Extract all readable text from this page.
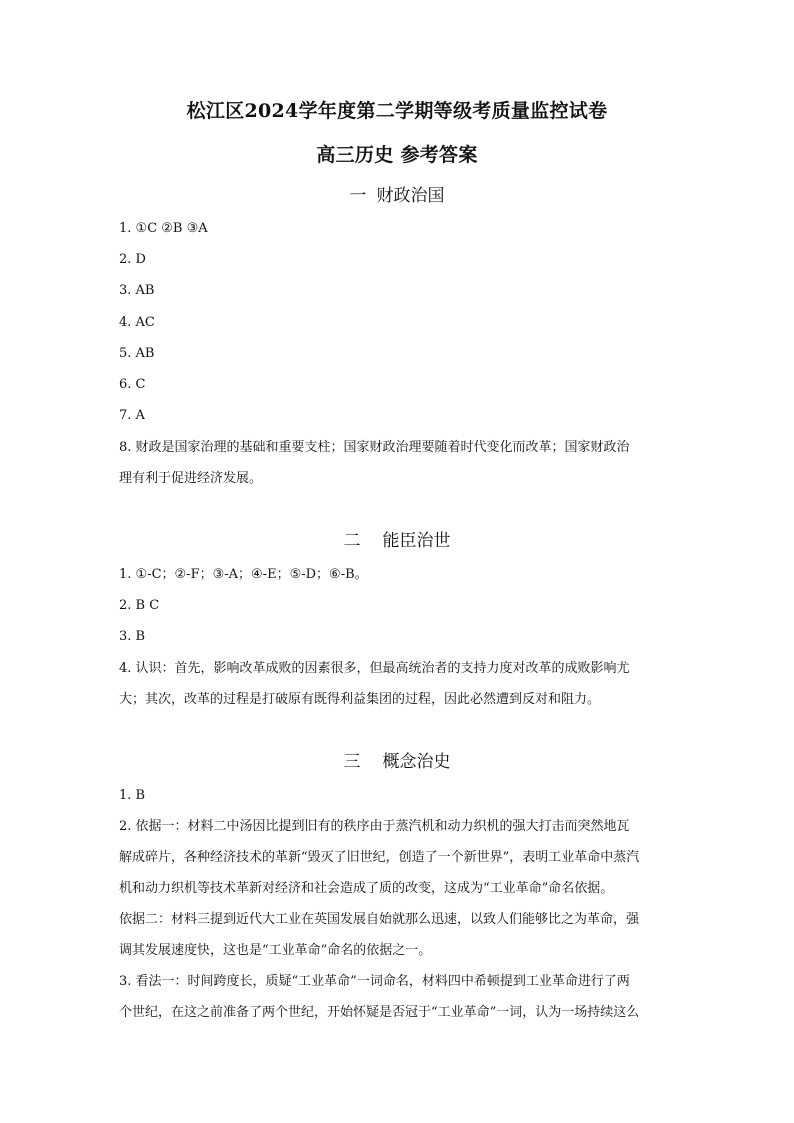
松江区2024学年度第二学期等级考质量监控试卷
高三历史 参考答案
一 财政治国
1. ①C ②B ③A
2. D
3. AB
4. AC
5. AB
6. C
7. A
8. 财政是国家治理的基础和重要支柱；国家财政治理要随着时代变化而改革；国家财政治
理有利于促进经济发展。
二 能臣治世
1. ①-C；②-F；③-A；④-E；⑤-D；⑥-B。
2. B C
3. B
4. 认识：首先，影响改革成败的因素很多，但最高统治者的支持力度对改革的成败影响尤
大；其次，改革的过程是打破原有既得利益集团的过程，因此必然遭到反对和阻力。
三 概念治史
1. B
2. 依据一：材料二中汤因比提到旧有的秩序由于蒸汽机和动力织机的强大打击而突然地瓦
解成碎片，各种经济技术的革新“毁灭了旧世纪，创造了一个新世界”，表明工业革命中蒸汽
机和动力织机等技术革新对经济和社会造成了质的改变，这成为“工业革命”命名依据。
依据二：材料三提到近代大工业在英国发展自始就那么迅速，以致人们能够比之为革命，强
调其发展速度快，这也是“工业革命”命名的依据之一。
3. 看法一：时间跨度长，质疑“工业革命”一词命名，材料四中希顿提到工业革命进行了两
个世纪，在这之前准备了两个世纪，开始怀疑是否冠于“工业革命”一词，认为一场持续这么
